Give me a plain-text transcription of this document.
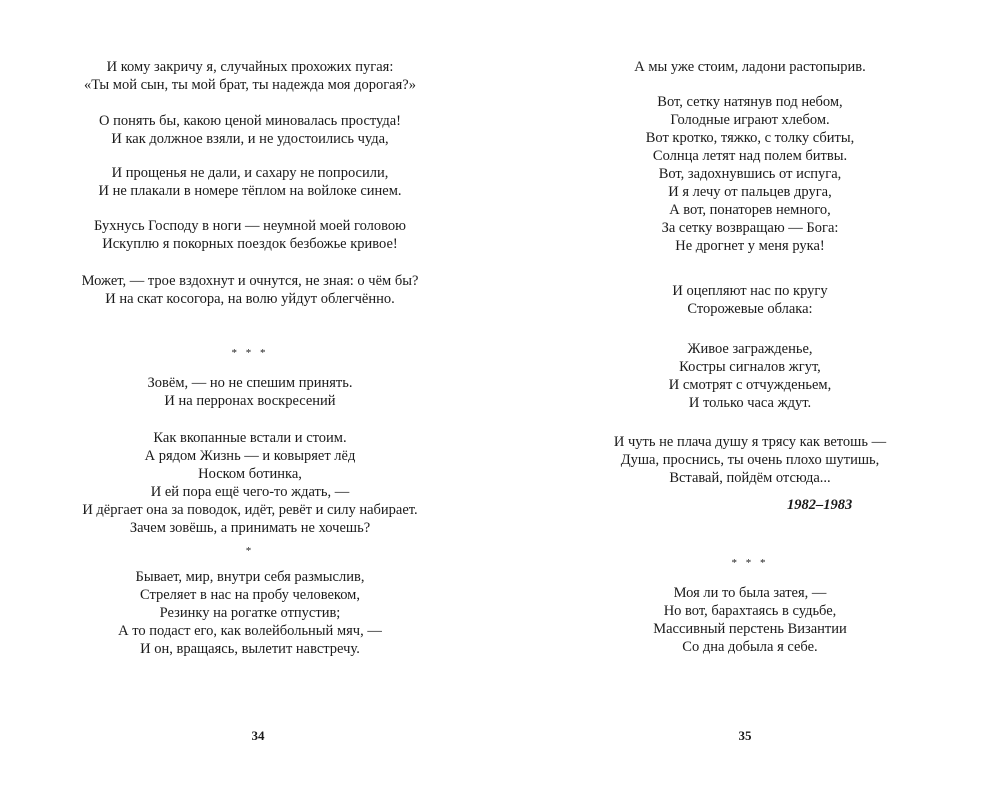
И кому закричу я, случайных прохожих пугая:
«Ты мой сын, ты мой брат, ты надежда моя дорогая?»
О понять бы, какою ценой миновалась простуда!
И как должное взяли, и не удостоились чуда,
И прощенья не дали, и сахару не попросили,
И не плакали в номере тёплом на войлоке синем.
Бухнусь Господу в ноги — неумной моей головою
Искуплю я покорных поездок безбожье кривое!
Может, — трое вздохнут и очнутся, не зная: о чём бы?
И на скат косогора, на волю уйдут облегчённо.
* * *
Зовём, — но не спешим принять.
И на перронах воскресений
Как вкопанные встали и стоим.
А рядом Жизнь — и ковыряет лёд
Носком ботинка,
И ей пора ещё чего-то ждать, —
И дёргает она за поводок, идёт, ревёт и силу набирает.
Зачем зовёшь, а принимать не хочешь?
*
Бывает, мир, внутри себя размыслив,
Стреляет в нас на пробу человеком,
Резинку на рогатке отпустив;
А то подаст его, как волейбольный мяч, —
И он, вращаясь, вылетит навстречу.
34
А мы уже стоим, ладони растопырив.
Вот, сетку натянув под небом,
Голодные играют хлебом.
Вот кротко, тяжко, с толку сбиты,
Солнца летят над полем битвы.
Вот, задохнувшись от испуга,
И я лечу от пальцев друга,
А вот, понаторев немного,
За сетку возвращаю — Бога:
Не дрогнет у меня рука!
И оцепляют нас по кругу
Сторожевые облака:
Живое загражденье,
Костры сигналов жгут,
И смотрят с отчужденьем,
И только часа ждут.
И чуть не плача душу я трясу как ветошь —
Душа, проснись, ты очень плохо шутишь,
Вставай, пойдём отсюда...
1982–1983
* * *
Моя ли то была затея, —
Но вот, барахтаясь в судьбе,
Массивный перстень Византии
Со дна добыла я себе.
35
